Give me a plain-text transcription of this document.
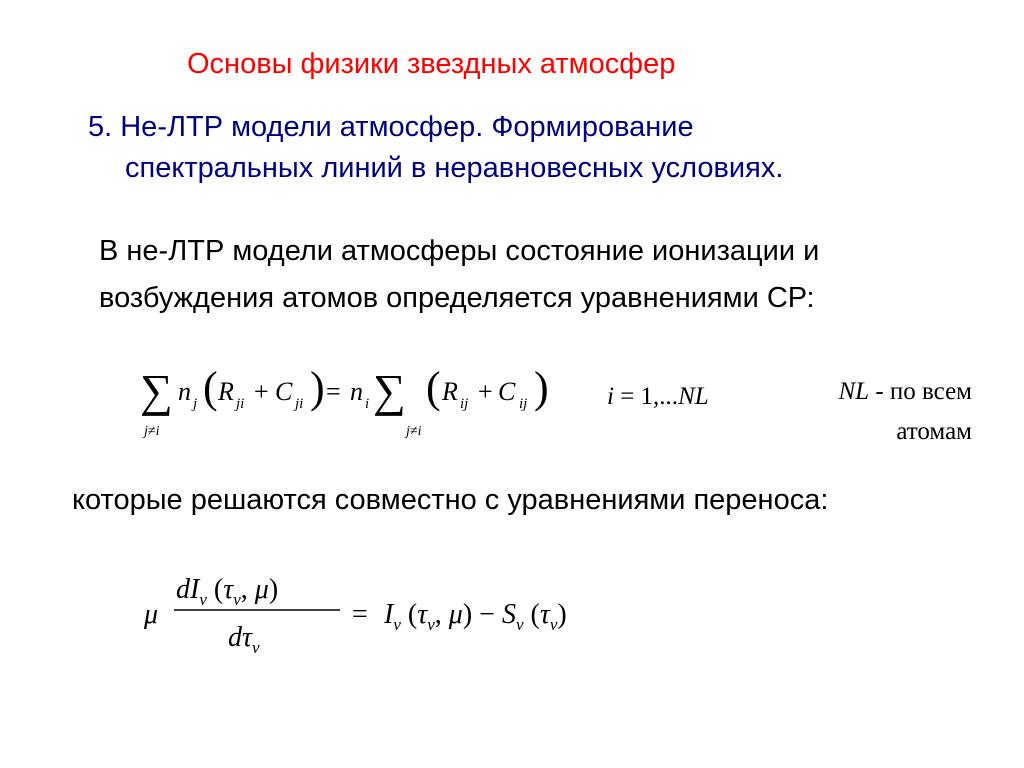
Основы физики звездных атмосфер
5. Не-ЛТР модели атмосфер. Формирование
спектральных линий в неравновесных условиях.
В не-ЛТР модели атмосферы состояние ионизации и
возбуждения атомов определяется уравнениями СР:
∑
j≠i
n j ( R ji + C ji ) = n i ∑
j≠i
( R ij + C ij ) i = 1,...NL	NL - по всем
атомам
которые решаются совместно с уравнениями переноса:
μ
$dI_\nu$ ($\tau_\nu$, μ)
$d\tau_\nu$
= $I_\nu$ ($\tau_\nu$, $\mu) - S_\nu$ $(\tau_\nu)$
